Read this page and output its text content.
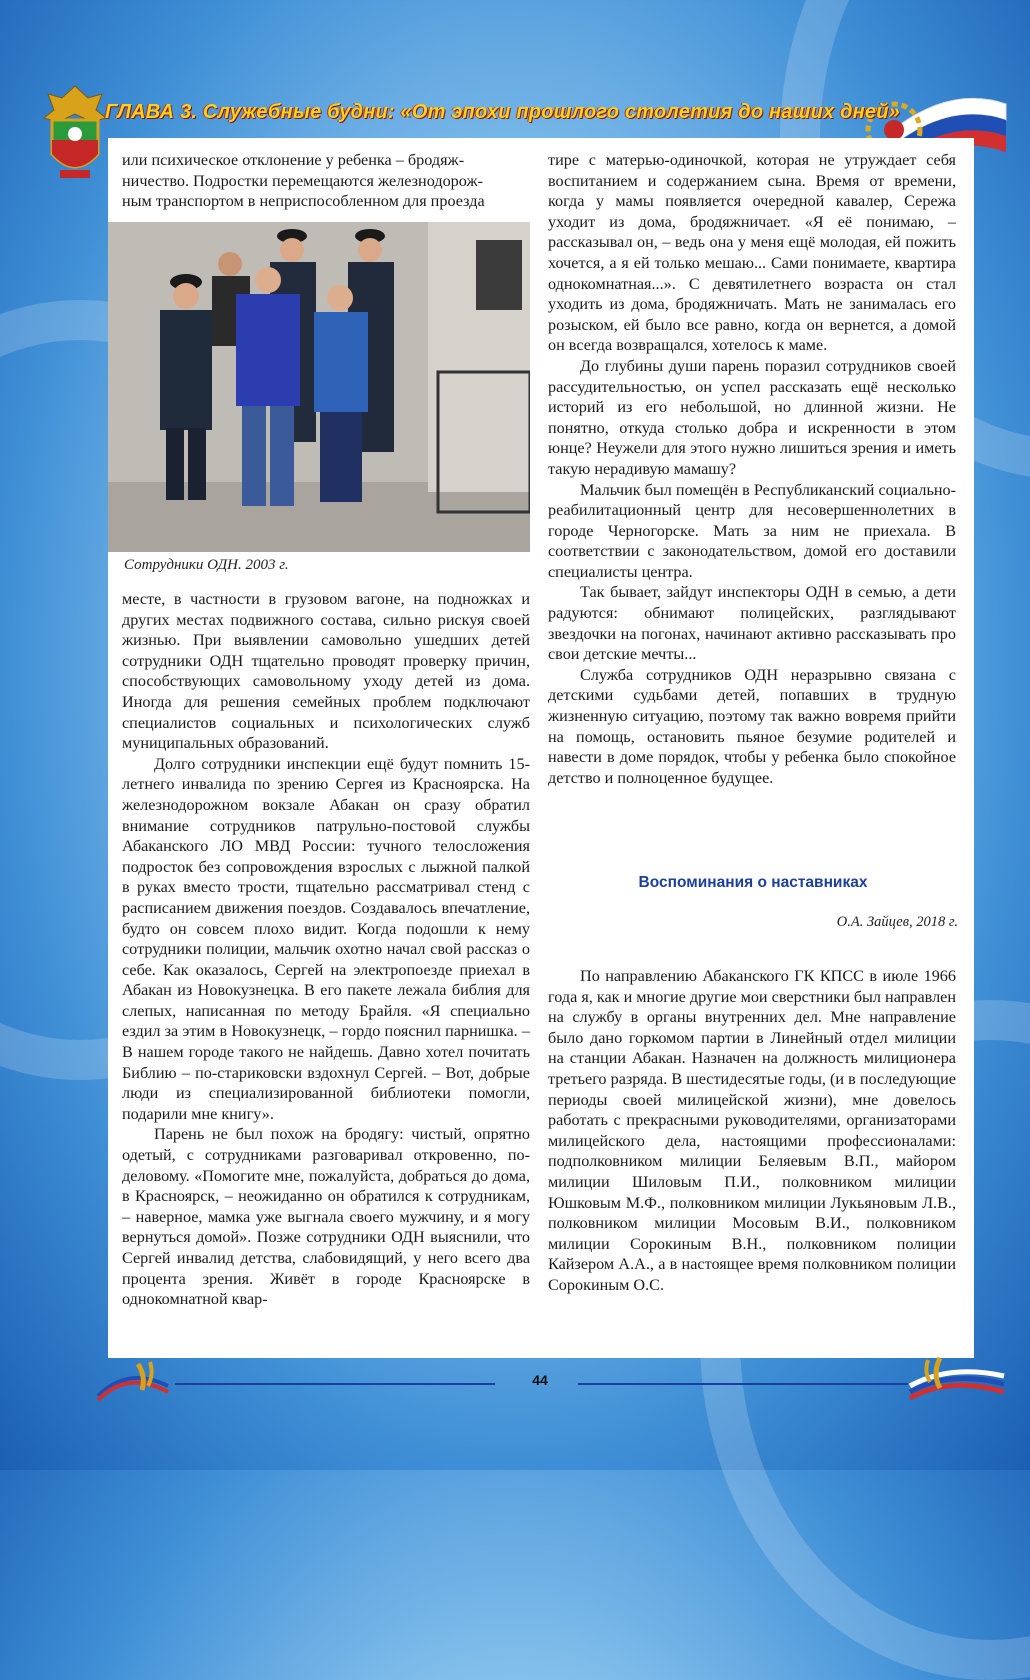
ГЛАВА 3. Служебные будни: «От эпохи прошлого столетия до наших дней»
Сотрудники ОДН. 2003 г.
или психическое отклонение у ребенка – бродяж-
ничество. Подростки перемещаются железнодорож-
ным транспортом в неприспособленном для проезда

месте, в частности в грузовом вагоне, на подножках и других местах подвижного состава, сильно рискуя своей жизнью. При выявлении самовольно ушедших детей сотрудники ОДН тщательно проводят проверку причин, способствующих самовольному уходу детей из дома. Иногда для решения семейных проблем подключают специалистов социальных и психологических служб муниципальных образований.

Долго сотрудники инспекции ещё будут помнить 15-летнего инвалида по зрению Сергея из Красноярска. На железнодорожном вокзале Абакан он сразу обратил внимание сотрудников патрульно-постовой службы Абаканского ЛО МВД России: тучного телосложения подросток без сопровождения взрослых с лыжной палкой в руках вместо трости, тщательно рассматривал стенд с расписанием движения поездов. Создавалось впечатление, будто он совсем плохо видит. Когда подошли к нему сотрудники полиции, мальчик охотно начал свой рассказ о себе. Как оказалось, Сергей на электропоезде приехал в Абакан из Новокузнецка. В его пакете лежала библия для слепых, написанная по методу Брайля. «Я специально ездил за этим в Новокузнецк, – гордо пояснил парнишка. – В нашем городе такого не найдешь. Давно хотел почитать Библию – по-стариковски вздохнул Сергей. – Вот, добрые люди из специализированной библиотеки помогли, подарили мне книгу».

Парень не был похож на бродягу: чистый, опрятно одетый, с сотрудниками разговаривал откровенно, по-деловому. «Помогите мне, пожалуйста, добраться до дома, в Красноярск, – неожиданно он обратился к сотрудникам, – наверное, мамка уже выгнала своего мужчину, и я могу вернуться домой». Позже сотрудники ОДН выяснили, что Сергей инвалид детства, слабовидящий, у него всего два процента зрения. Живёт в городе Красноярске в однокомнатной квар-

тире с матерью-одиночкой, которая не утруждает себя воспитанием и содержанием сына. Время от времени, когда у мамы появляется очередной кавалер, Сережа уходит из дома, бродяжничает. «Я её понимаю, – рассказывал он, – ведь она у меня ещё молодая, ей пожить хочется, а я ей только мешаю... Сами понимаете, квартира однокомнатная...». С девятилетнего возраста он стал уходить из дома, бродяжничать. Мать не занималась его розыском, ей было все равно, когда он вернется, а домой он всегда возвращался, хотелось к маме.

До глубины души парень поразил сотрудников своей рассудительностью, он успел рассказать ещё несколько историй из его небольшой, но длинной жизни. Не понятно, откуда столько добра и искренности в этом юнце? Неужели для этого нужно лишиться зрения и иметь такую нерадивую мамашу?

Мальчик был помещён в Республиканский социально-реабилитационный центр для несовершеннолетних в городе Черногорске. Мать за ним не приехала. В соответствии с законодательством, домой его доставили специалисты центра.

Так бывает, зайдут инспекторы ОДН в семью, а дети радуются: обнимают полицейских, разглядывают звездочки на погонах, начинают активно рассказывать про свои детские мечты...

Служба сотрудников ОДН неразрывно связана с детскими судьбами детей, попавших в трудную жизненную ситуацию, поэтому так важно вовремя прийти на помощь, остановить пьяное безумие родителей и навести в доме порядок, чтобы у ребенка было спокойное детство и полноценное будущее.

Воспоминания о наставниках
О.А. Зайцев, 2018 г.

По направлению Абаканского ГК КПСС в июле 1966 года я, как и многие другие мои сверстники был направлен на службу в органы внутренних дел. Мне направление было дано горкомом партии в Линейный отдел милиции на станции Абакан. Назначен на должность милиционера третьего разряда. В шестидесятые годы, (и в последующие периоды своей милицейской жизни), мне довелось работать с прекрасными руководителями, организаторами милицейского дела, настоящими профессионалами: подполковником милиции Беляевым В.П., майором милиции Шиловым П.И., полковником милиции Юшковым М.Ф., полковником милиции Лукьяновым Л.В., полковником милиции Мосовым В.И., полковником милиции Сорокиным В.Н., полковником полиции Кайзером А.А., а в настоящее время полковником полиции Сорокиным О.С.

44
